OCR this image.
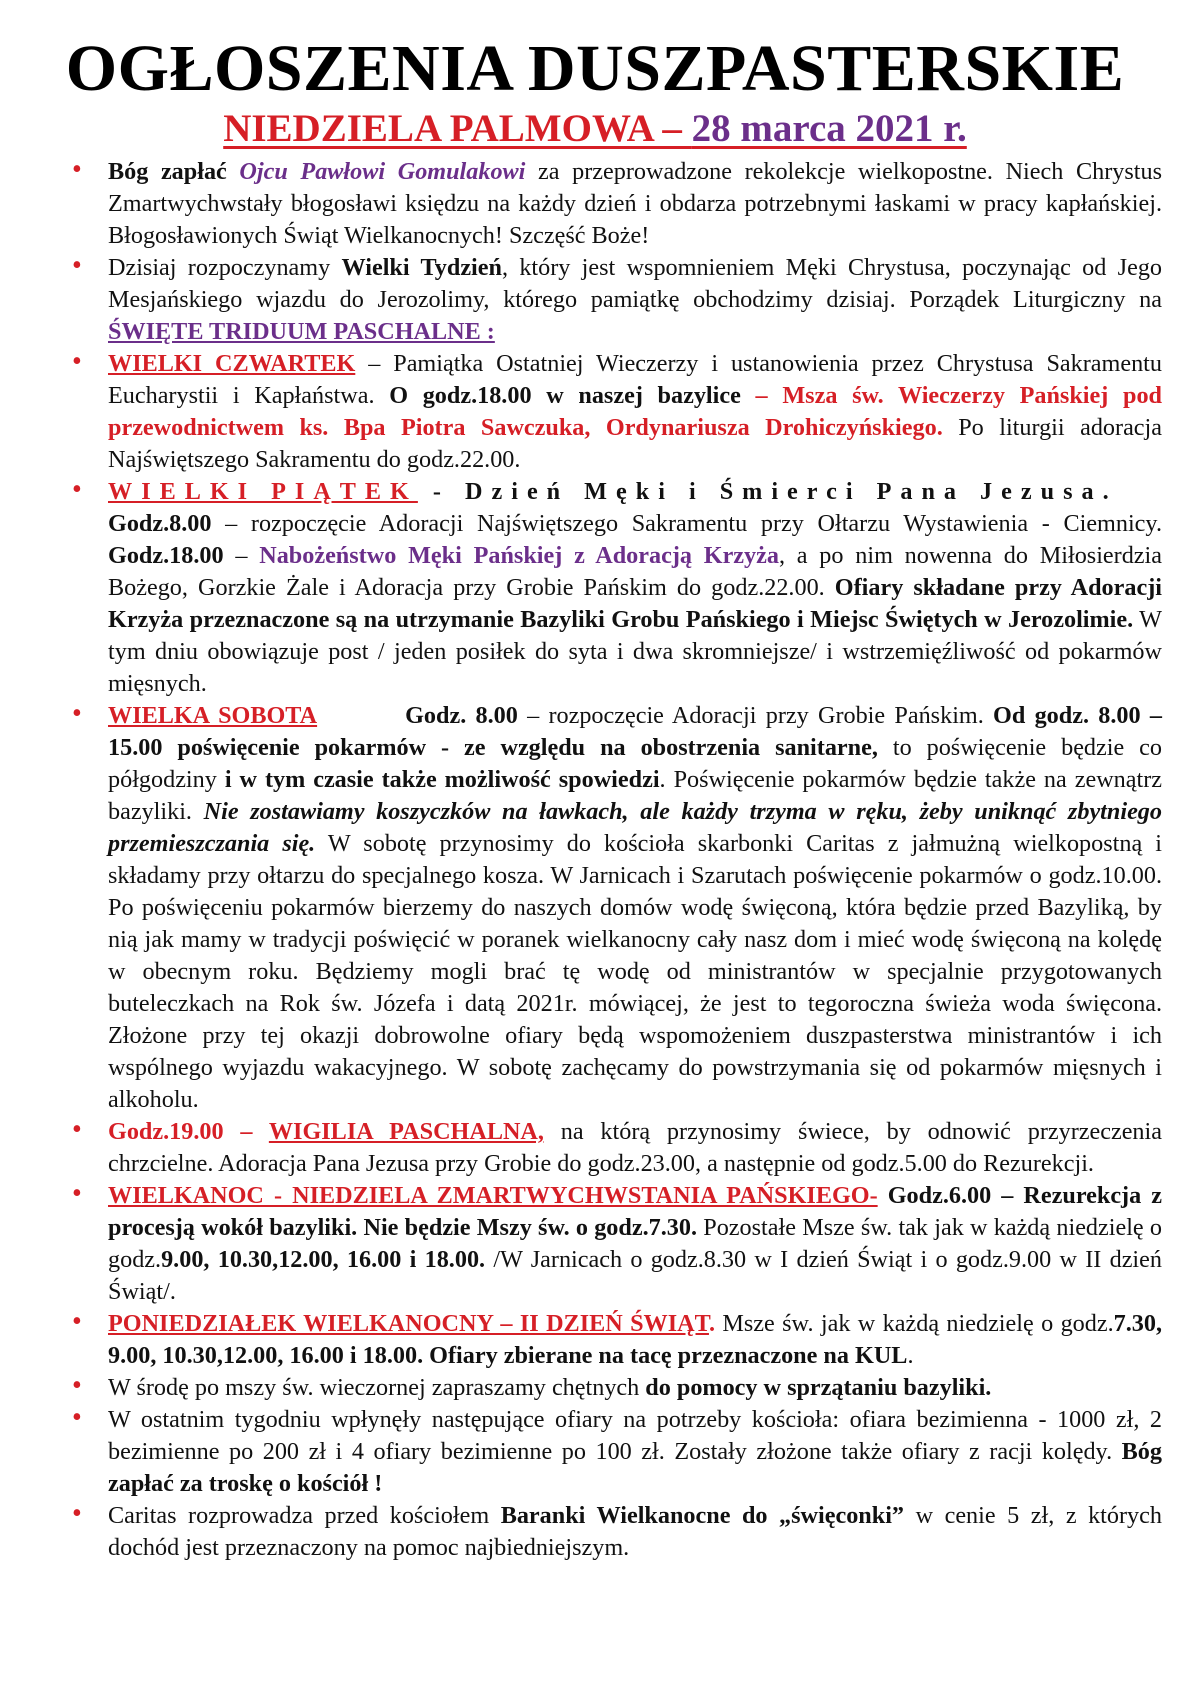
OGŁOSZENIA DUSZPASTERSKIE

NIEDZIELA PALMOWA – 28 marca 2021 r.

• Bóg zapłać Ojcu Pawłowi Gomulakowi za przeprowadzone rekolekcje wielkopostne. Niech Chrystus Zmartwychwstały błogosławi księdzu na każdy dzień i obdarza potrzebnymi łaskami w pracy kapłańskiej. Błogosławionych Świąt Wielkanocnych! Szczęść Boże!
• Dzisiaj rozpoczynamy Wielki Tydzień, który jest wspomnieniem Męki Chrystusa, poczynając od Jego Mesjańskiego wjazdu do Jerozolimy, którego pamiątkę obchodzimy dzisiaj. Porządek Liturgiczny na ŚWIĘTE TRIDUUM PASCHALNE :
• WIELKI CZWARTEK – Pamiątka Ostatniej Wieczerzy i ustanowienia przez Chrystusa Sakramentu Eucharystii i Kapłaństwa. O godz.18.00 w naszej bazylice – Msza św. Wieczerzy Pańskiej pod przewodnictwem ks. Bpa Piotra Sawczuka, Ordynariusza Drohiczyńskiego. Po liturgii adoracja Najświętszego Sakramentu do godz.22.00.
• WIELKI PIĄTEK - Dzień Męki i Śmierci Pana Jezusa.
Godz.8.00 – rozpoczęcie Adoracji Najświętszego Sakramentu przy Ołtarzu Wystawienia - Ciemnicy. Godz.18.00 – Nabożeństwo Męki Pańskiej z Adoracją Krzyża, a po nim nowenna do Miłosierdzia Bożego, Gorzkie Żale i Adoracja przy Grobie Pańskim do godz.22.00. Ofiary składane przy Adoracji Krzyża przeznaczone są na utrzymanie Bazyliki Grobu Pańskiego i Miejsc Świętych w Jerozolimie. W tym dniu obowiązuje post / jeden posiłek do syta i dwa skromniejsze/ i wstrzemięźliwość od pokarmów mięsnych.
• WIELKA SOBOTA	Godz. 8.00 – rozpoczęcie Adoracji przy Grobie Pańskim. Od godz. 8.00 – 15.00 poświęcenie pokarmów - ze względu na obostrzenia sanitarne, to poświęcenie będzie co półgodziny i w tym czasie także możliwość spowiedzi. Poświęcenie pokarmów będzie także na zewnątrz bazyliki. Nie zostawiamy koszyczków na ławkach, ale każdy trzyma w ręku, żeby uniknąć zbytniego przemieszczania się. W sobotę przynosimy do kościoła skarbonki Caritas z jałmużną wielkopostną i składamy przy ołtarzu do specjalnego kosza. W Jarnicach i Szarutach poświęcenie pokarmów o godz.10.00. Po poświęceniu pokarmów bierzemy do naszych domów wodę święconą, która będzie przed Bazyliką, by nią jak mamy w tradycji poświęcić w poranek wielkanocny cały nasz dom i mieć wodę święconą na kolędę w obecnym roku. Będziemy mogli brać tę wodę od ministrantów w specjalnie przygotowanych buteleczkach na Rok św. Józefa i datą 2021r. mówiącej, że jest to tegoroczna świeża woda święcona. Złożone przy tej okazji dobrowolne ofiary będą wspomożeniem duszpasterstwa ministrantów i ich wspólnego wyjazdu wakacyjnego. W sobotę zachęcamy do powstrzymania się od pokarmów mięsnych i alkoholu.
• Godz.19.00 – WIGILIA PASCHALNA, na którą przynosimy świece, by odnowić przyrzeczenia chrzcielne. Adoracja Pana Jezusa przy Grobie do godz.23.00, a następnie od godz.5.00 do Rezurekcji.
• WIELKANOC - NIEDZIELA ZMARTWYCHWSTANIA PAŃSKIEGO- Godz.6.00 – Rezurekcja z procesją wokół bazyliki. Nie będzie Mszy św. o godz.7.30. Pozostałe Msze św. tak jak w każdą niedzielę o godz.9.00, 10.30,12.00, 16.00 i 18.00. /W Jarnicach o godz.8.30 w I dzień Świąt i o godz.9.00 w II dzień Świąt/.
• PONIEDZIAŁEK WIELKANOCNY – II DZIEŃ ŚWIĄT. Msze św. jak w każdą niedzielę o godz.7.30, 9.00, 10.30,12.00, 16.00 i 18.00. Ofiary zbierane na tacę przeznaczone na KUL.
• W środę po mszy św. wieczornej zapraszamy chętnych do pomocy w sprzątaniu bazyliki.
• W ostatnim tygodniu wpłynęły następujące ofiary na potrzeby kościoła: ofiara bezimienna - 1000 zł, 2 bezimienne po 200 zł i 4 ofiary bezimienne po 100 zł. Zostały złożone także ofiary z racji kolędy. Bóg zapłać za troskę o kościół !
• Caritas rozprowadza przed kościołem Baranki Wielkanocne do „święconki” w cenie 5 zł, z których dochód jest przeznaczony na pomoc najbiedniejszym.
